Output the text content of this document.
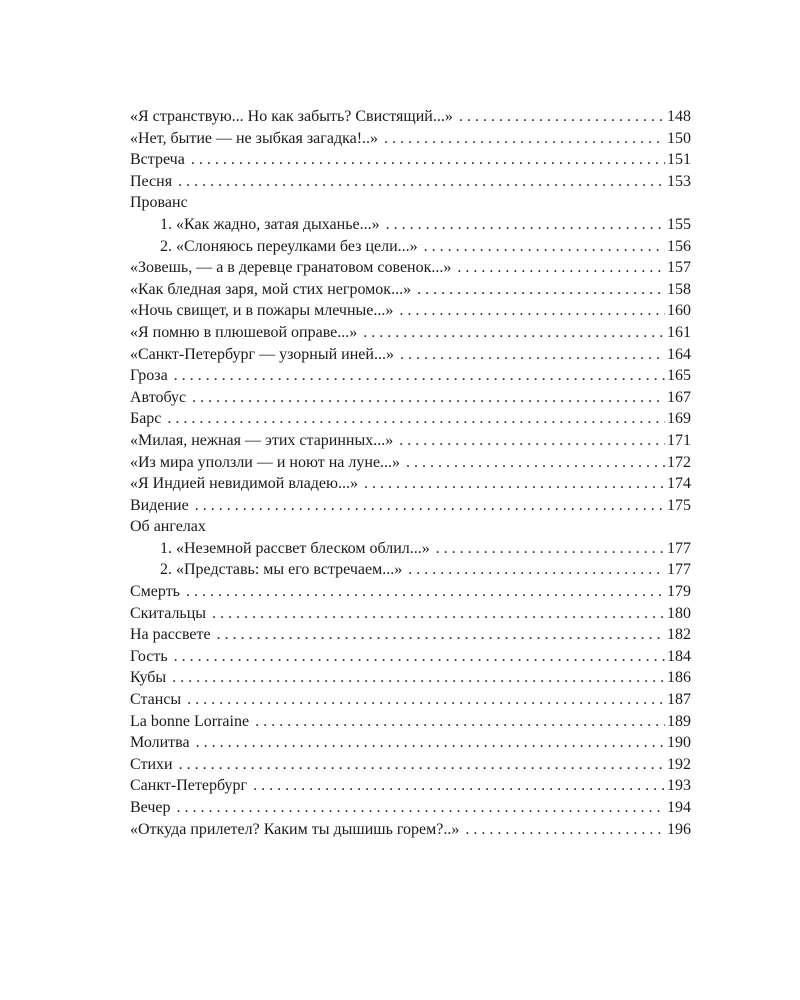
«Я странствую... Но как забыть? Свистящий...» . . .	148
«Нет, бытие — не зыбкая загадка!..» . . .	150
Встреча . . .	151
Песня . . .	153
Прованс
1. «Как жадно, затая дыханье...» . . .	155
2. «Слоняюсь переулками без цели...» . . .	156
«Зовешь, — а в деревце гранатовом совенок...» . . .	157
«Как бледная заря, мой стих негромок...» . . .	158
«Ночь свищет, и в пожары млечные...» . . .	160
«Я помню в плюшевой оправе...» . . .	161
«Санкт-Петербург — узорный иней...» . . .	164
Гроза . . .	165
Автобус . . .	167
Барс . . .	169
«Милая, нежная — этих старинных...» . . .	171
«Из мира уползли — и ноют на луне...» . . .	172
«Я Индией невидимой владею...» . . .	174
Видение . . .	175
Об ангелах
1. «Неземной рассвет блеском облил...» . . .	177
2. «Представь: мы его встречаем...» . . .	177
Смерть . . .	179
Скитальцы . . .	180
На рассвете . . .	182
Гость . . .	184
Кубы . . .	186
Стансы . . .	187
La bonne Lorraine . . .	189
Молитва . . .	190
Стихи . . .	192
Санкт-Петербург . . .	193
Вечер . . .	194
«Откуда прилетел? Каким ты дышишь горем?..» . . .	196
